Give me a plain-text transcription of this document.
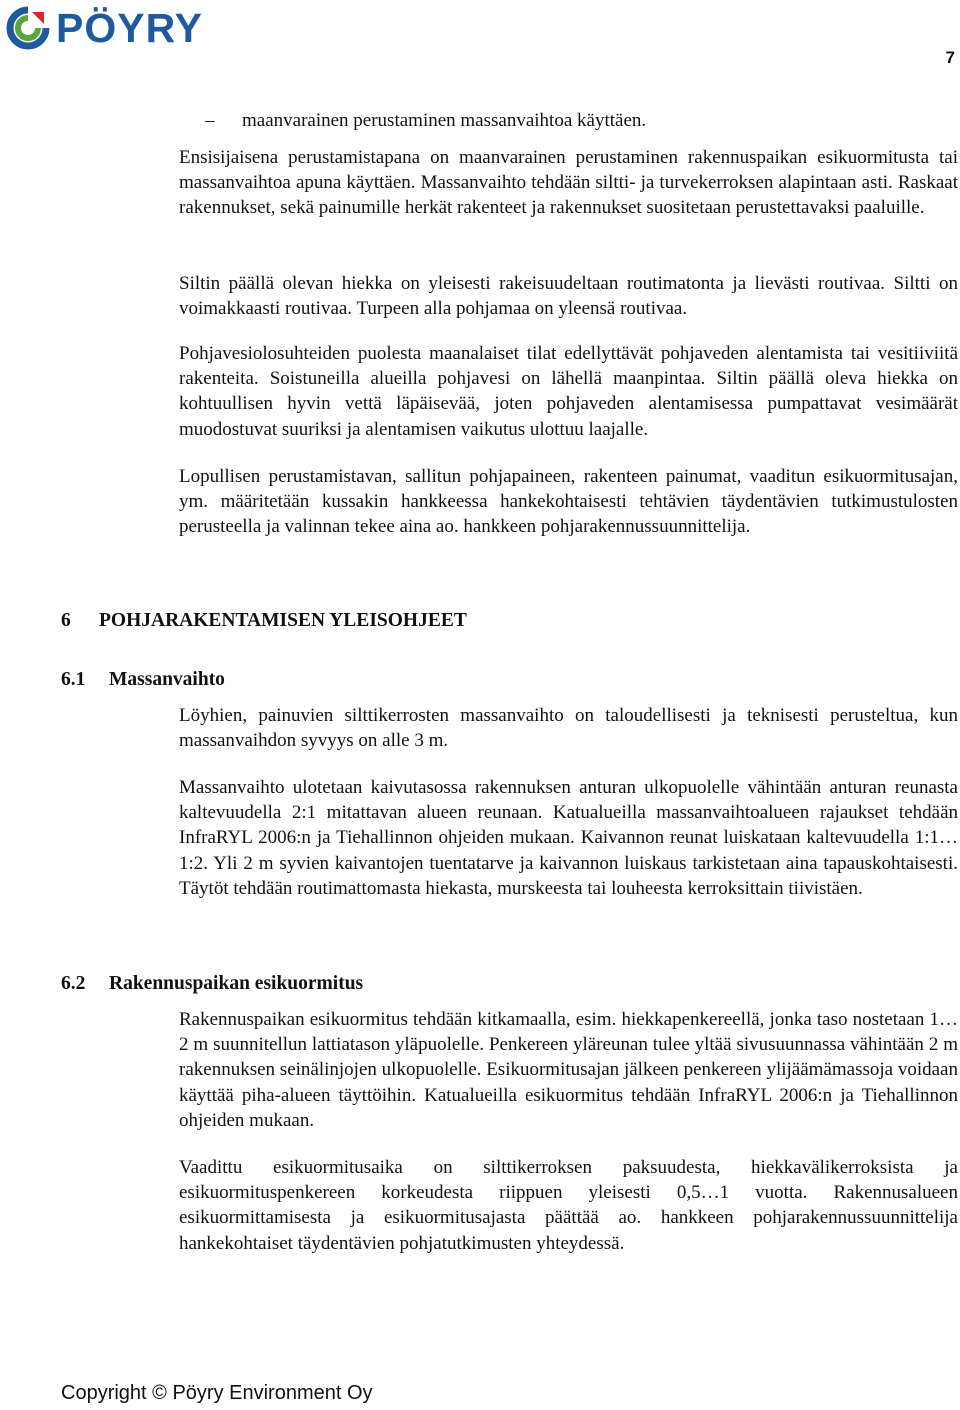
PÖYRY
7
– maanvarainen perustaminen massanvaihtoa käyttäen.

Ensisijaisena perustamistapana on maanvarainen perustaminen rakennuspaikan esikuormitusta tai massanvaihtoa apuna käyttäen. Massanvaihto tehdään siltti- ja turvekerroksen alapintaan asti. Raskaat rakennukset, sekä painumille herkät rakenteet ja rakennukset suositetaan perustettavaksi paaluille.

Siltin päällä olevan hiekka on yleisesti rakeisuudeltaan routimatonta ja lievästi routivaa. Siltti on voimakkaasti routivaa. Turpeen alla pohjamaa on yleensä routivaa.

Pohjavesiolosuhteiden puolesta maanalaiset tilat edellyttävät pohjaveden alentamista tai vesitiiviitä rakenteita. Soistuneilla alueilla pohjavesi on lähellä maanpintaa. Siltin päällä oleva hiekka on kohtuullisen hyvin vettä läpäisevää, joten pohjaveden alentamisessa pumpattavat vesimäärät muodostuvat suuriksi ja alentamisen vaikutus ulottuu laajalle.

Lopullisen perustamistavan, sallitun pohjapaineen, rakenteen painumat, vaaditun esikuormitusajan, ym. määritetään kussakin hankkeessa hankekohtaisesti tehtävien täydentävien tutkimustulosten perusteella ja valinnan tekee aina ao. hankkeen pohjarakennussuunnittelija.

6 POHJARAKENTAMISEN YLEISOHJEET
6.1 Massanvaihto

Löyhien, painuvien silttikerrosten massanvaihto on taloudellisesti ja teknisesti perusteltua, kun massanvaihdon syvyys on alle 3 m.

Massanvaihto ulotetaan kaivutasossa rakennuksen anturan ulkopuolelle vähintään anturan reunasta kaltevuudella 2:1 mitattavan alueen reunaan. Katualueilla massanvaihtoalueen rajaukset tehdään InfraRYL 2006:n ja Tiehallinnon ohjeiden mukaan. Kaivannon reunat luiskataan kaltevuudella 1:1…1:2. Yli 2 m syvien kaivantojen tuentatarve ja kaivannon luiskaus tarkistetaan aina tapauskohtaisesti. Täytöt tehdään routimattomasta hiekasta, murskeesta tai louheesta kerroksittain tiivistäen.

6.2 Rakennuspaikan esikuormitus

Rakennuspaikan esikuormitus tehdään kitkamaalla, esim. hiekkapenkereellä, jonka taso nostetaan 1…2 m suunnitellun lattiatason yläpuolelle. Penkereen yläreunan tulee yltää sivusuunnassa vähintään 2 m rakennuksen seinälinjojen ulkopuolelle. Esikuormitusajan jälkeen penkereen ylijäämämassoja voidaan käyttää piha-alueen täyttöihin. Katualueilla esikuormitus tehdään InfraRYL 2006:n ja Tiehallinnon ohjeiden mukaan.

Vaadittu esikuormitusaika on silttikerroksen paksuudesta, hiekkavälikerroksista ja esikuormituspenkereen korkeudesta riippuen yleisesti 0,5…1 vuotta. Rakennusalueen esikuormittamisesta ja esikuormitusajasta päättää ao. hankkeen pohjarakennussuunnittelija hankekohtaiset täydentävien pohjatutkimusten yhteydessä.

Copyright © Pöyry Environment Oy
